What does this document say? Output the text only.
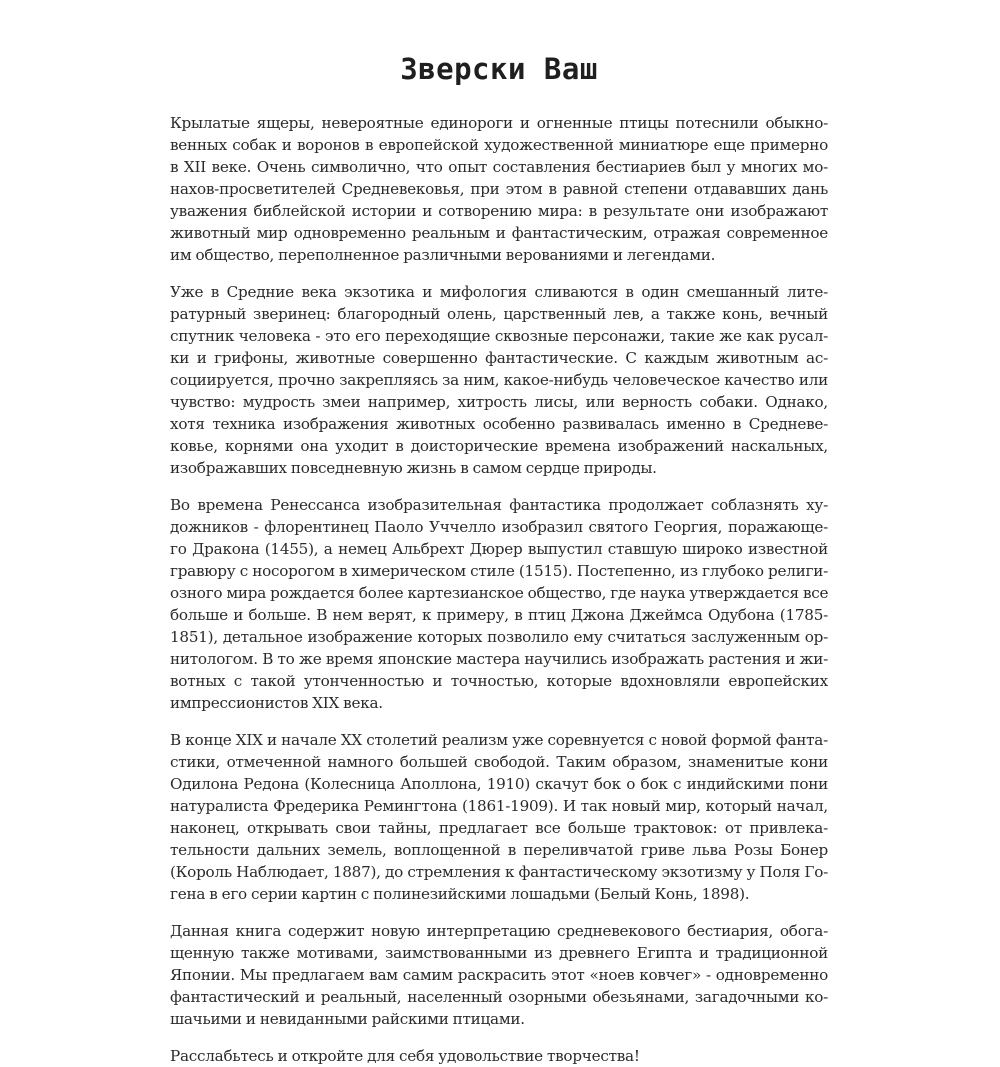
Зверски Ваш
Крылатые ящеры, невероятные единороги и огненные птицы потеснили обыкно-
венных собак и воронов в европейской художественной миниатюре еще примерно
в XII веке. Очень символично, что опыт составления бестиариев был у многих мо-
нахов-просветителей Средневековья, при этом в равной степени отдававших дань
уважения библейской истории и сотворению мира: в результате они изображают
животный мир одновременно реальным и фантастическим, отражая современное
им общество, переполненное различными верованиями и легендами.
Уже в Средние века экзотика и мифология сливаются в один смешанный лите-
ратурный зверинец: благородный олень, царственный лев, а также конь, вечный
спутник человека - это его переходящие сквозные персонажи, такие же как русал-
ки и грифоны, животные совершенно фантастические. С каждым животным ас-
социируется, прочно закрепляясь за ним, какое-нибудь человеческое качество или
чувство: мудрость змеи например, хитрость лисы, или верность собаки. Однако,
хотя техника изображения животных особенно развивалась именно в Средневе-
ковье, корнями она уходит в доисторические времена изображений наскальных,
изображавших повседневную жизнь в самом сердце природы.
Во времена Ренессанса изобразительная фантастика продолжает соблазнять ху-
дожников - флорентинец Паоло Уччелло изобразил святого Георгия, поражающе-
го Дракона (1455), а немец Альбрехт Дюрер выпустил ставшую широко известной
гравюру с носорогом в химерическом стиле (1515). Постепенно, из глубоко религи-
озного мира рождается более картезианское общество, где наука утверждается все
больше и больше. В нем верят, к примеру, в птиц Джона Джеймса Одубона (1785-
1851), детальное изображение которых позволило ему считаться заслуженным ор-
нитологом. В то же время японские мастера научились изображать растения и жи-
вотных с такой утонченностью и точностью, которые вдохновляли европейских
импрессионистов XIX века.
В конце XIX и начале XX столетий реализм уже соревнуется с новой формой фанта-
стики, отмеченной намного большей свободой. Таким образом, знаменитые кони
Одилона Редона (Колесница Аполлона, 1910) скачут бок о бок с индийскими пони
натуралиста Фредерика Ремингтона (1861-1909). И так новый мир, который начал,
наконец, открывать свои тайны, предлагает все больше трактовок: от привлека-
тельности дальних земель, воплощенной в переливчатой гриве льва Розы Бонер
(Король Наблюдает, 1887), до стремления к фантастическому экзотизму у Поля Го-
гена в его серии картин с полинезийскими лошадьми (Белый Конь, 1898).
Данная книга содержит новую интерпретацию средневекового бестиария, обога-
щенную также мотивами, заимствованными из древнего Египта и традиционной
Японии. Мы предлагаем вам самим раскрасить этот «ноев ковчег» - одновременно
фантастический и реальный, населенный озорными обезьянами, загадочными ко-
шачьими и невиданными райскими птицами.
Расслабьтесь и откройте для себя удовольствие творчества!
